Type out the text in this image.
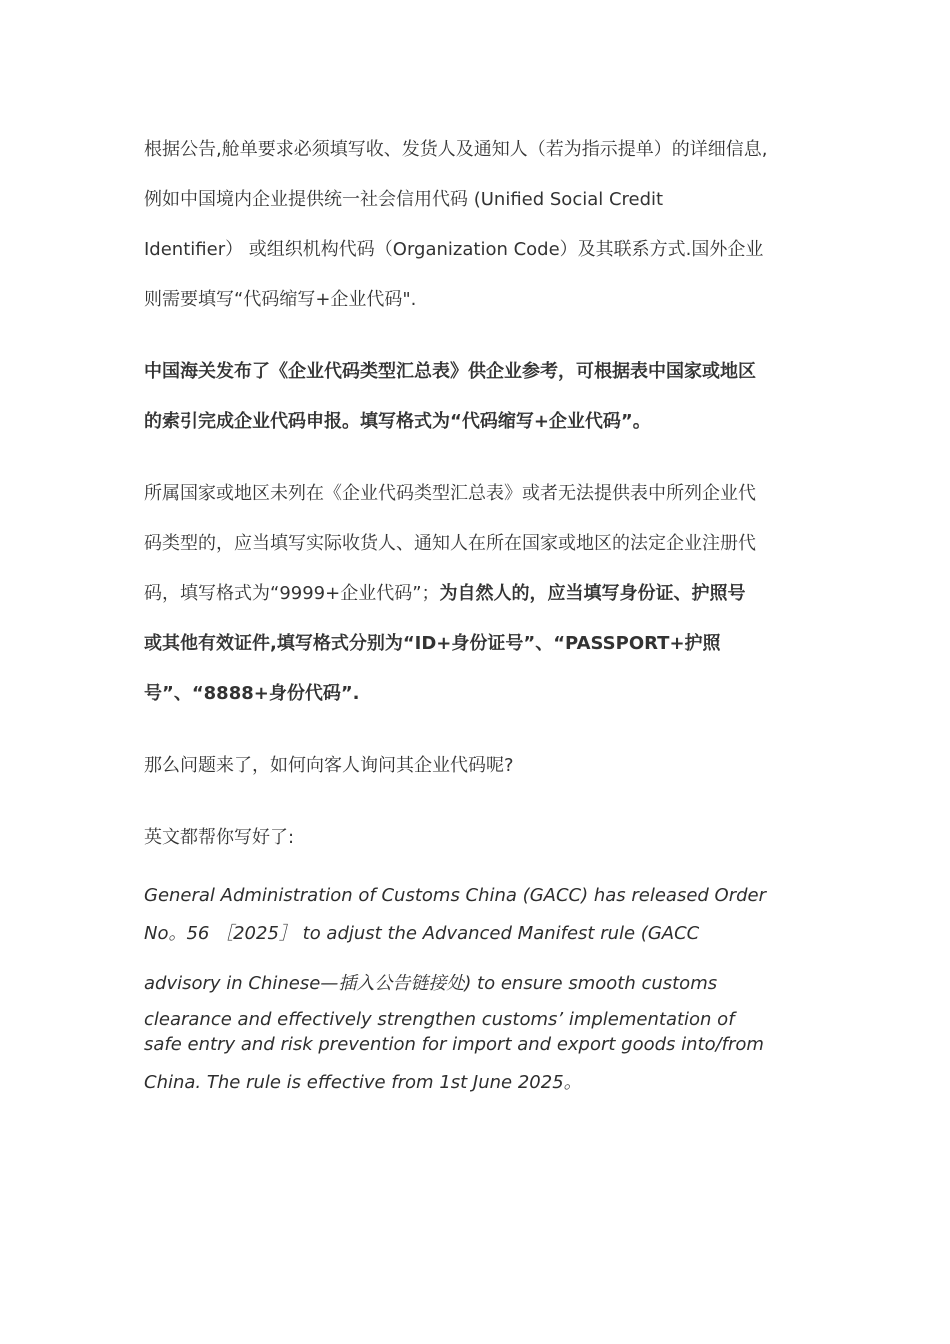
根据公告,舱单要求必须填写收、发货人及通知人（若为指示提单）的详细信息,
例如中国境内企业提供统一社会信用代码 (Unified Social Credit
Identifier） 或组织机构代码（Organization Code）及其联系方式.国外企业
则需要填写“代码缩写+企业代码".
中国海关发布了《企业代码类型汇总表》供企业参考，可根据表中国家或地区
的索引完成企业代码申报。填写格式为“代码缩写+企业代码”。
所属国家或地区未列在《企业代码类型汇总表》或者无法提供表中所列企业代
码类型的，应当填写实际收货人、通知人在所在国家或地区的法定企业注册代
码，填写格式为“9999+企业代码”；为自然人的，应当填写身份证、护照号
或其他有效证件,填写格式分别为“ID+身份证号”、“PASSPORT+护照
号”、“8888+身份代码”.
那么问题来了，如何向客人询问其企业代码呢?
英文都帮你写好了:
General Administration of Customs China (GACC) has released Order
No。56 ［2025］ to adjust the Advanced Manifest rule (GACC
advisory in Chinese—插入公告链接处) to ensure smooth customs
clearance and effectively strengthen customs’ implementation of
safe entry and risk prevention for import and export goods into/from
China. The rule is effective from 1st June 2025。
